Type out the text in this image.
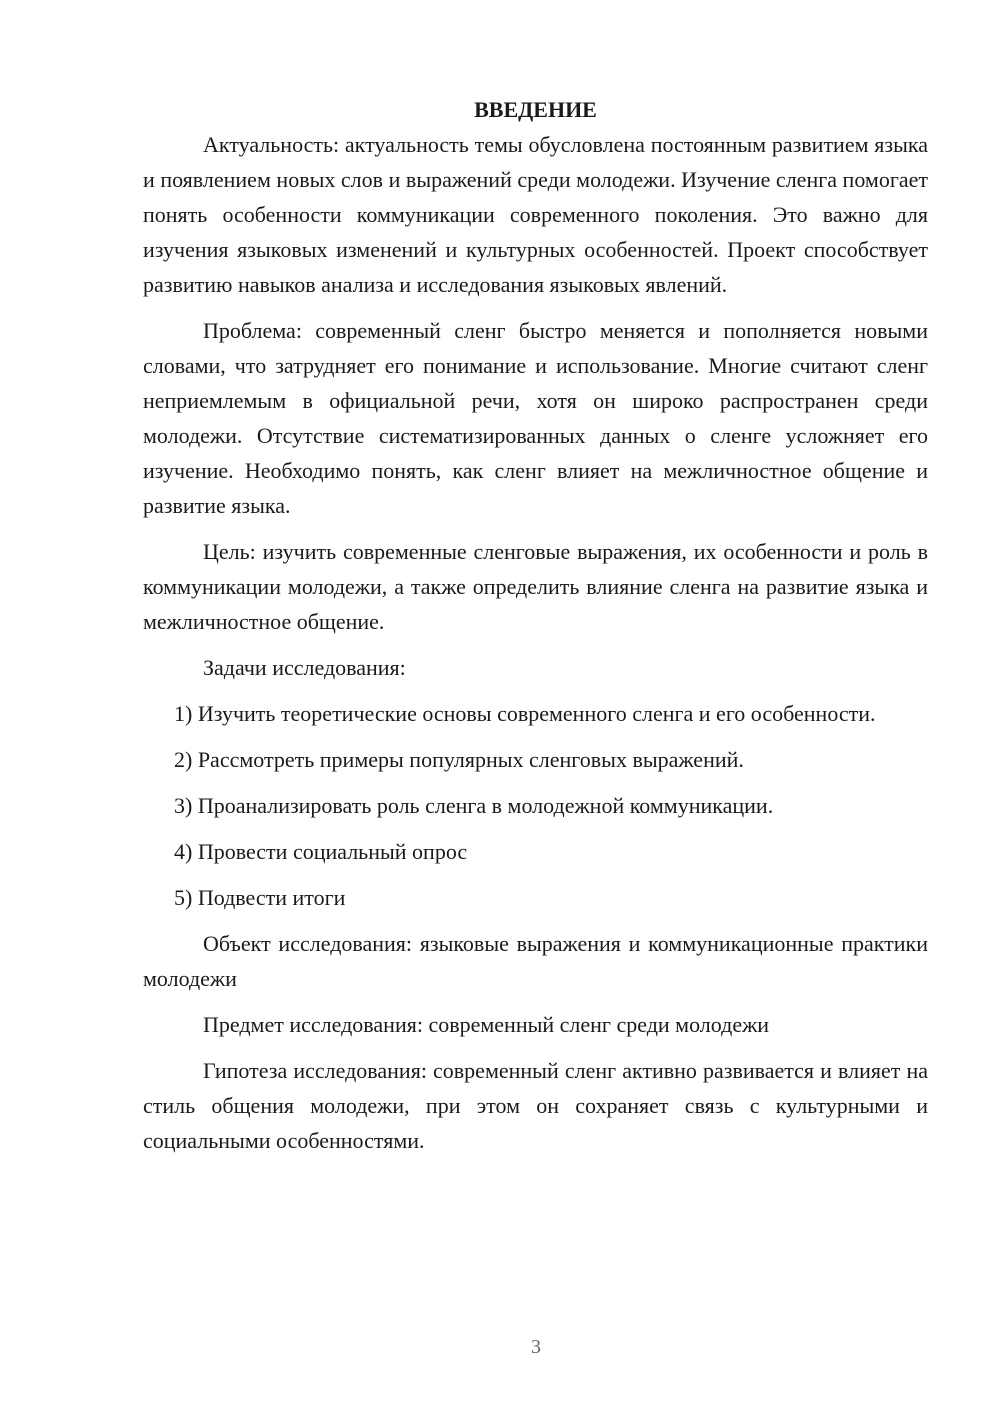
ВВЕДЕНИЕ

Актуальность: актуальность темы обусловлена постоянным развитием языка и появлением новых слов и выражений среди молодежи. Изучение сленга помогает понять особенности коммуникации современного поколения. Это важно для изучения языковых изменений и культурных особенностей. Проект способствует развитию навыков анализа и исследования языковых явлений.

Проблема: современный сленг быстро меняется и пополняется новыми словами, что затрудняет его понимание и использование. Многие считают сленг неприемлемым в официальной речи, хотя он широко распространен среди молодежи. Отсутствие систематизированных данных о сленге усложняет его изучение. Необходимо понять, как сленг влияет на межличностное общение и развитие языка.

Цель: изучить современные сленговые выражения, их особенности и роль в коммуникации молодежи, а также определить влияние сленга на развитие языка и межличностное общение.

Задачи исследования:

1) Изучить теоретические основы современного сленга и его особенности.

2) Рассмотреть примеры популярных сленговых выражений.

3) Проанализировать роль сленга в молодежной коммуникации.

4) Провести социальный опрос

5) Подвести итоги

Объект исследования: языковые выражения и коммуникационные практики молодежи

Предмет исследования: современный сленг среди молодежи

Гипотеза исследования: современный сленг активно развивается и влияет на стиль общения молодежи, при этом он сохраняет связь с культурными и социальными особенностями.

3
